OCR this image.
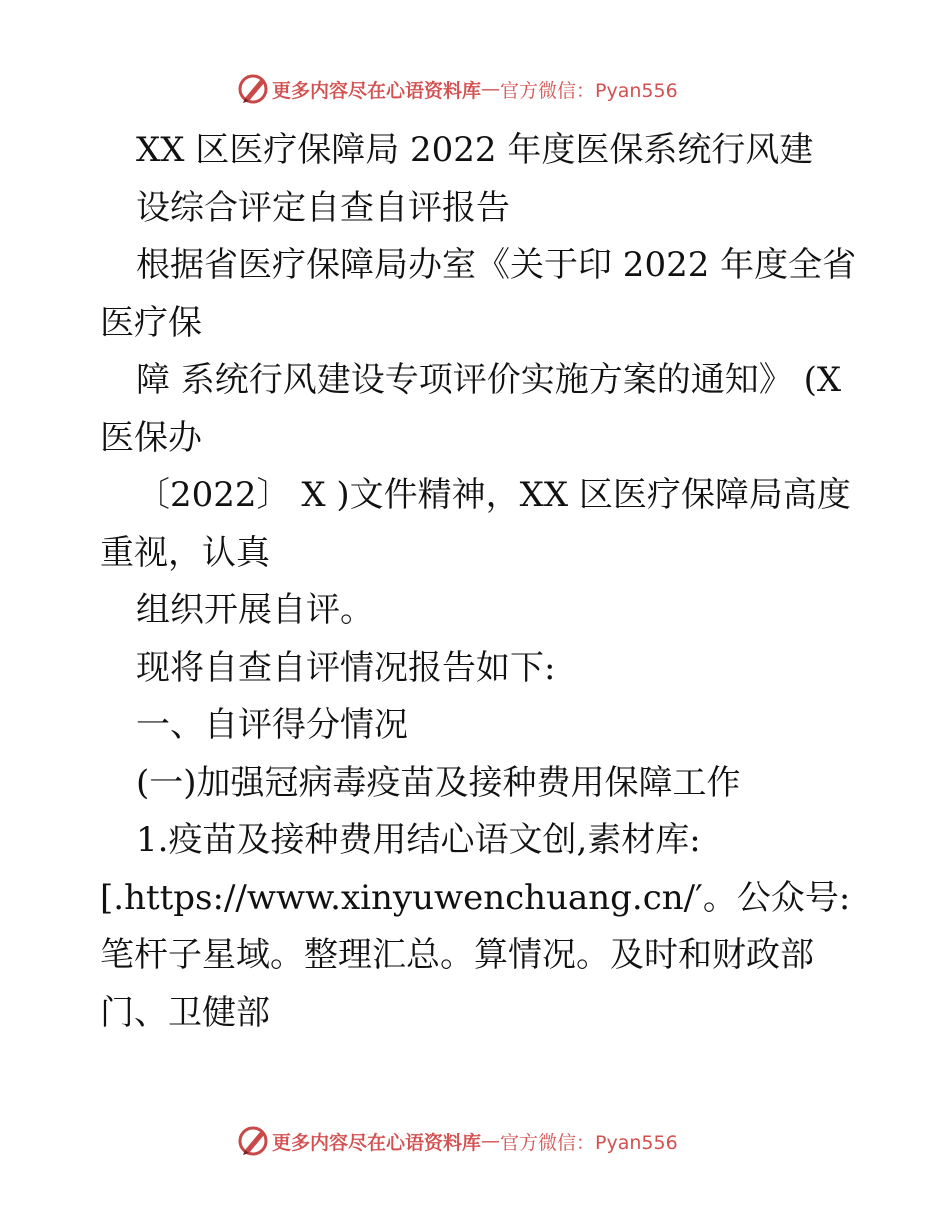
更多内容尽在心语资料库 — 官方微信：Pyan556

XX 区医疗保障局 2022 年度医保系统行风建

设综合评定自查自评报告

根据省医疗保障局办室《关于印 2022 年度全省

医疗保

障 系统行风建设专项评价实施方案的通知》 (X

医保办

〔2022〕 X )文件精神，XX 区医疗保障局高度

重视，认真

组织开展自评。

现将自查自评情况报告如下:

一、自评得分情况

(一)加强冠病毒疫苗及接种费用保障工作

1.疫苗及接种费用结心语文创,素材库:

[.https://www.xinyuwenchuang.cn/′。公众号:

笔杆子星域。整理汇总。算情况。及时和财政部

门、卫健部

更多内容尽在心语资料库 — 官方微信：Pyan556
